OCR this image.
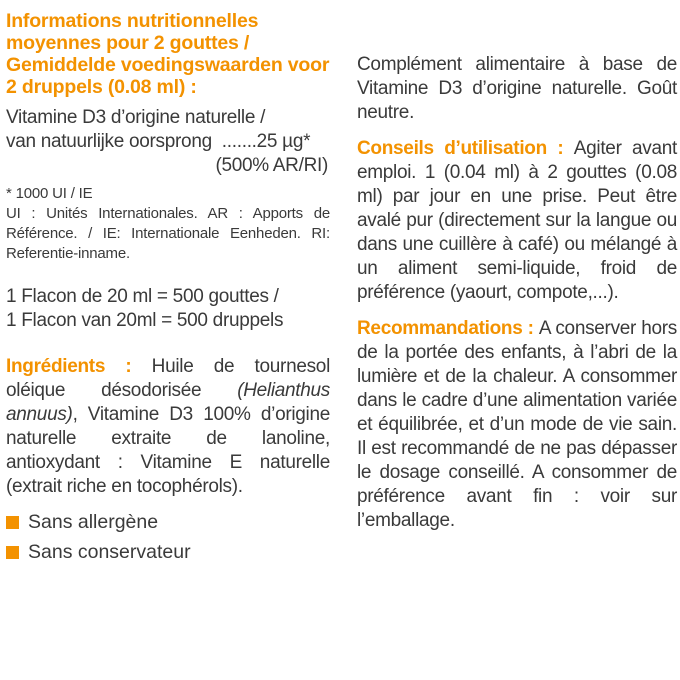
Informations nutritionnelles moyennes pour 2 gouttes / Gemiddelde voedingswaarden voor 2 druppels (0.08 ml) :

Vitamine D3 d’origine naturelle /

van natuurlijke oorsprong  .......25 µg*

(500% AR/RI)

* 1000 UI / IE

UI : Unités Internationales. AR : Apports de Référence. / IE: Internationale Eenheden. RI: Referentie-inname.

1 Flacon de 20 ml = 500 gouttes /

1 Flacon van 20ml = 500 druppels

Ingrédients : Huile de tournesol oléique désodorisée (Helianthus annuus), Vitamine D3 100% d’origine naturelle extraite de lanoline, antioxydant : Vitamine E naturelle (extrait riche en tocophérols).

Sans allergène
Sans conservateur

Complément alimentaire à base de Vitamine D3 d’origine naturelle. Goût neutre.

Conseils d’utilisation : Agiter avant emploi. 1 (0.04 ml) à 2 gouttes (0.08 ml) par jour en une prise. Peut être avalé pur (directement sur la langue ou dans une cuillère à café) ou mélangé à un aliment semi-liquide, froid de préférence (yaourt, compote,...).

Recommandations : A conserver hors de la portée des enfants, à l’abri de la lumière et de la chaleur. A consommer dans le cadre d’une alimentation variée et équilibrée, et d’un mode de vie sain. Il est recommandé de ne pas dépasser le dosage conseillé. A consommer de préférence avant fin : voir sur l’emballage.
